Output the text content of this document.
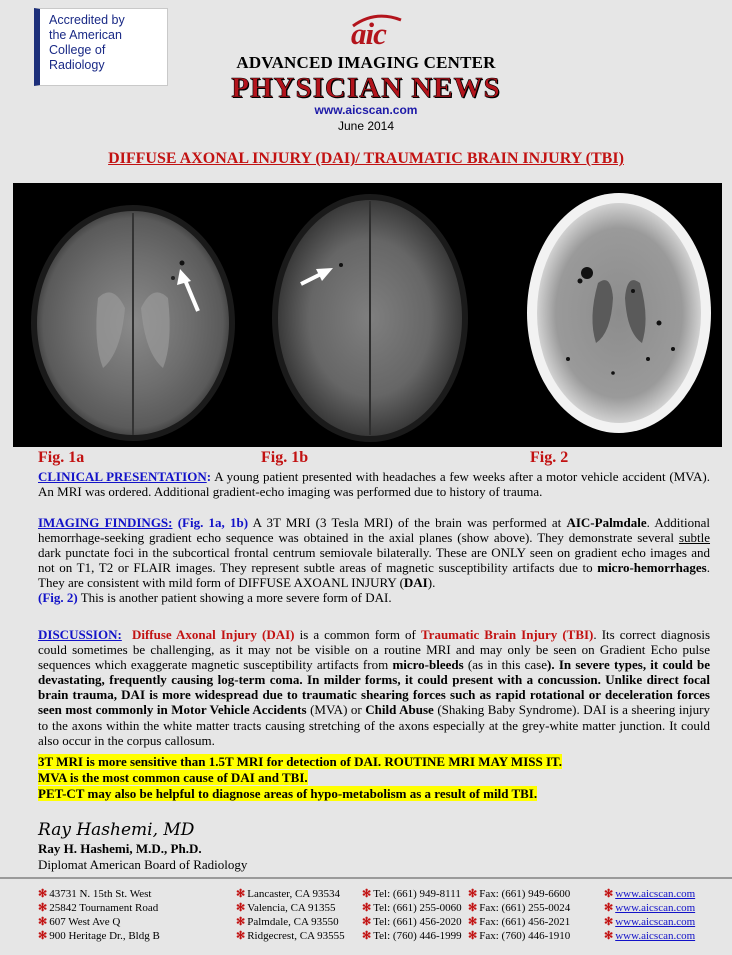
Accredited by
the American
College of
Radiology
aic
ADVANCED IMAGING CENTER
PHYSICIAN NEWS
www.aicscan.com
June 2014
DIFFUSE AXONAL INJURY (DAI)/ TRAUMATIC BRAIN INJURY (TBI)
Fig. 1a	Fig. 1b	Fig. 2
CLINICAL PRESENTATION: A young patient presented with headaches a few weeks after a motor vehicle accident (MVA). An MRI was ordered. Additional gradient-echo imaging was performed due to history of trauma.
IMAGING FINDINGS: (Fig. 1a, 1b) A 3T MRI (3 Tesla MRI) of the brain was performed at AIC-Palmdale. Additional hemorrhage-seeking gradient echo sequence was obtained in the axial planes (show above). They demonstrate several subtle dark punctate foci in the subcortical frontal centrum semiovale bilaterally. These are ONLY seen on gradient echo images and not on T1, T2 or FLAIR images. They represent subtle areas of magnetic susceptibility artifacts due to micro-hemorrhages. They are consistent with mild form of DIFFUSE AXOANL INJURY (DAI).
(Fig. 2) This is another patient showing a more severe form of DAI.
DISCUSSION: Diffuse Axonal Injury (DAI) is a common form of Traumatic Brain Injury (TBI). Its correct diagnosis could sometimes be challenging, as it may not be visible on a routine MRI and may only be seen on Gradient Echo pulse sequences which exaggerate magnetic susceptibility artifacts from micro-bleeds (as in this case). In severe types, it could be devastating, frequently causing log-term coma. In milder forms, it could present with a concussion. Unlike direct focal brain trauma, DAI is more widespread due to traumatic shearing forces such as rapid rotational or deceleration forces seen most commonly in Motor Vehicle Accidents (MVA) or Child Abuse (Shaking Baby Syndrome). DAI is a sheering injury to the axons within the white matter tracts causing stretching of the axons especially at the grey-white matter junction. It could also occur in the corpus callosum.
3T MRI is more sensitive than 1.5T MRI for detection of DAI. ROUTINE MRI MAY MISS IT.
MVA is the most common cause of DAI and TBI.
PET-CT may also be helpful to diagnose areas of hypo-metabolism as a result of mild TBI.
Ray Hashemi, MD
Ray H. Hashemi, M.D., Ph.D.
Diplomat American Board of Radiology
✻ 43731 N. 15th St. West	✻ Lancaster, CA 93534 ✻ Tel: (661) 949-8111 ✻ Fax: (661) 949-6600	✻ www.aicscan.com
✻ 25842 Tournament Road	✻ Valencia, CA 91355 ✻ Tel: (661) 255-0060 ✻ Fax: (661) 255-0024	✻ www.aicscan.com
✻ 607 West Ave Q	✻ Palmdale, CA 93550 ✻ Tel: (661) 456-2020 ✻ Fax: (661) 456-2021	✻ www.aicscan.com
✻ 900 Heritage Dr., Bldg B	✻ Ridgecrest, CA 93555 ✻ Tel: (760) 446-1999 ✻ Fax: (760) 446-1910	✻ www.aicscan.com
